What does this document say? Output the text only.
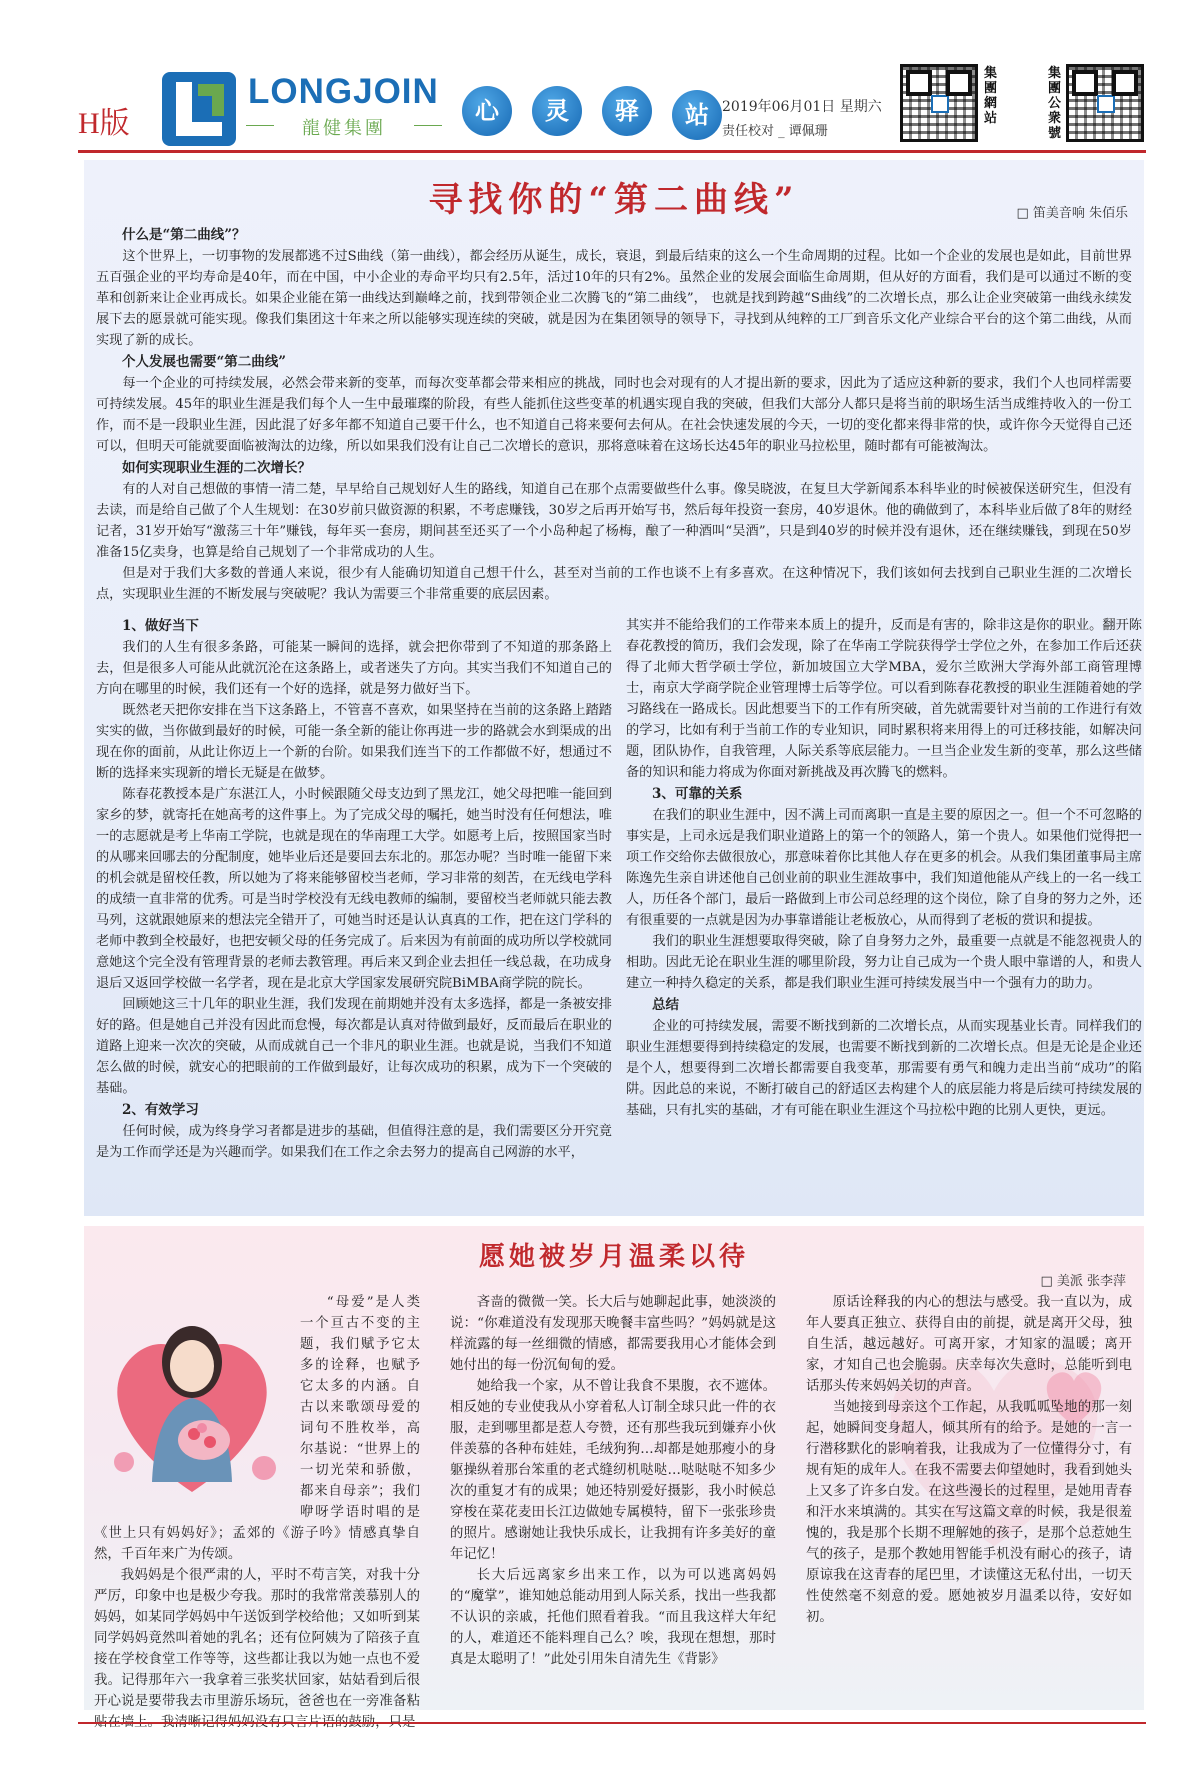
H版
LONGJOIN
龍健集團
心	灵	驿	站 2019年06月01日 星期六
责任校对 _ 谭佩珊
集團網站
集團公衆號
寻找你的“第二曲线”	□ 笛美音响 朱佰乐
什么是“第二曲线”？

这个世界上，一切事物的发展都逃不过S曲线（第一曲线），都会经历从诞生，成长，衰退，到最后结束的这么一个生命周期的过程。比如一个企业的发展也是如此，目前世界五百强企业的平均寿命是40年，而在中国，中小企业的寿命平均只有2.5年，活过10年的只有2%。虽然企业的发展会面临生命周期，但从好的方面看，我们是可以通过不断的变革和创新来让企业再成长。如果企业能在第一曲线达到巅峰之前，找到带领企业二次腾飞的“第二曲线”， 也就是找到跨越“S曲线”的二次增长点，那么让企业突破第一曲线永续发展下去的愿景就可能实现。像我们集团这十年来之所以能够实现连续的突破，就是因为在集团领导的领导下，寻找到从纯粹的工厂到音乐文化产业综合平台的这个第二曲线，从而实现了新的成长。

个人发展也需要“第二曲线”

每一个企业的可持续发展，必然会带来新的变革，而每次变革都会带来相应的挑战，同时也会对现有的人才提出新的要求，因此为了适应这种新的要求，我们个人也同样需要可持续发展。45年的职业生涯是我们每个人一生中最璀璨的阶段，有些人能抓住这些变革的机遇实现自我的突破，但我们大部分人都只是将当前的职场生活当成维持收入的一份工作，而不是一段职业生涯，因此混了好多年都不知道自己要干什么，也不知道自己将来要何去何从。在社会快速发展的今天，一切的变化都来得非常的快，或许你今天觉得自己还可以，但明天可能就要面临被淘汰的边缘，所以如果我们没有让自己二次增长的意识，那将意味着在这场长达45年的职业马拉松里，随时都有可能被淘汰。

如何实现职业生涯的二次增长？

有的人对自己想做的事情一清二楚，早早给自己规划好人生的路线，知道自己在那个点需要做些什么事。像吴晓波，在复旦大学新闻系本科毕业的时候被保送研究生，但没有去读，而是给自己做了个人生规划：在30岁前只做资源的积累，不考虑赚钱，30岁之后再开始写书，然后每年投资一套房，40岁退休。他的确做到了，本科毕业后做了8年的财经记者，31岁开始写“激荡三十年”赚钱，每年买一套房，期间甚至还买了一个小岛种起了杨梅，酿了一种酒叫“吴酒”，只是到40岁的时候并没有退休，还在继续赚钱，到现在50岁准备15亿卖身，也算是给自己规划了一个非常成功的人生。

但是对于我们大多数的普通人来说，很少有人能确切知道自己想干什么，甚至对当前的工作也谈不上有多喜欢。在这种情况下，我们该如何去找到自己职业生涯的二次增长点，实现职业生涯的不断发展与突破呢？我认为需要三个非常重要的底层因素。

1、做好当下

我们的人生有很多条路，可能某一瞬间的选择，就会把你带到了不知道的那条路上去，但是很多人可能从此就沉沦在这条路上，或者迷失了方向。其实当我们不知道自己的方向在哪里的时候，我们还有一个好的选择，就是努力做好当下。

既然老天把你安排在当下这条路上，不管喜不喜欢，如果坚持在当前的这条路上踏踏实实的做，当你做到最好的时候，可能一条全新的能让你再进一步的路就会水到渠成的出现在你的面前，从此让你迈上一个新的台阶。如果我们连当下的工作都做不好，想通过不断的选择来实现新的增长无疑是在做梦。

陈春花教授本是广东湛江人，小时候跟随父母支边到了黑龙江，她父母把唯一能回到家乡的梦，就寄托在她高考的这件事上。为了完成父母的嘱托，她当时没有任何想法，唯一的志愿就是考上华南工学院，也就是现在的华南理工大学。如愿考上后，按照国家当时的从哪来回哪去的分配制度，她毕业后还是要回去东北的。那怎办呢？当时唯一能留下来的机会就是留校任教，所以她为了将来能够留校当老师，学习非常的刻苦，在无线电学科的成绩一直非常的优秀。可是当时学校没有无线电教师的编制，要留校当老师就只能去教马列，这就跟她原来的想法完全错开了，可她当时还是认认真真的工作，把在这门学科的老师中教到全校最好，也把安顿父母的任务完成了。后来因为有前面的成功所以学校就同意她这个完全没有管理背景的老师去教管理。再后来又到企业去担任一线总裁，在功成身退后又返回学校做一名学者，现在是北京大学国家发展研究院BiMBA商学院的院长。

回顾她这三十几年的职业生涯，我们发现在前期她并没有太多选择，都是一条被安排好的路。但是她自己并没有因此而怠慢，每次都是认真对待做到最好，反而最后在职业的道路上迎来一次次的突破，从而成就自己一个非凡的职业生涯。也就是说，当我们不知道怎么做的时候，就安心的把眼前的工作做到最好，让每次成功的积累，成为下一个突破的基础。

2、有效学习

任何时候，成为终身学习者都是进步的基础，但值得注意的是，我们需要区分开究竟是为工作而学还是为兴趣而学。如果我们在工作之余去努力的提高自己网游的水平，

其实并不能给我们的工作带来本质上的提升，反而是有害的，除非这是你的职业。翻开陈春花教授的简历，我们会发现，除了在华南工学院获得学士学位之外，在参加工作后还获得了北师大哲学硕士学位，新加坡国立大学MBA，爱尔兰欧洲大学海外部工商管理博士，南京大学商学院企业管理博士后等学位。可以看到陈春花教授的职业生涯随着她的学习路线在一路成长。因此想要当下的工作有所突破，首先就需要针对当前的工作进行有效的学习，比如有利于当前工作的专业知识，同时累积将来用得上的可迁移技能，如解决问题，团队协作，自我管理，人际关系等底层能力。一旦当企业发生新的变革，那么这些储备的知识和能力将成为你面对新挑战及再次腾飞的燃料。

3、可靠的关系

在我们的职业生涯中，因不满上司而离职一直是主要的原因之一。但一个不可忽略的事实是，上司永远是我们职业道路上的第一个的领路人，第一个贵人。如果他们觉得把一项工作交给你去做很放心，那意味着你比其他人存在更多的机会。从我们集团董事局主席陈逸先生亲自讲述他自己创业前的职业生涯故事中，我们知道他能从产线上的一名一线工人，历任各个部门，最后一路做到上市公司总经理的这个岗位，除了自身的努力之外，还有很重要的一点就是因为办事靠谱能让老板放心，从而得到了老板的赏识和提拔。

我们的职业生涯想要取得突破，除了自身努力之外，最重要一点就是不能忽视贵人的相助。因此无论在职业生涯的哪里阶段，努力让自己成为一个贵人眼中靠谱的人，和贵人建立一种持久稳定的关系，都是我们职业生涯可持续发展当中一个强有力的助力。

总结

企业的可持续发展，需要不断找到新的二次增长点，从而实现基业长青。同样我们的职业生涯想要得到持续稳定的发展，也需要不断找到新的二次增长点。但是无论是企业还是个人，想要得到二次增长都需要自我变革，那需要有勇气和魄力走出当前“成功”的陷阱。因此总的来说，不断打破自己的舒适区去构建个人的底层能力将是后续可持续发展的基础，只有扎实的基础，才有可能在职业生涯这个马拉松中跑的比别人更快，更远。

愿她被岁月温柔以待
□ 美派 张李萍

“母爱”是人类一个亘古不变的主题，我们赋予它太多的诠释，也赋予它太多的内涵。自古以来歌颂母爱的词句不胜枚举，高尔基说：“世界上的一切光荣和骄傲，都来自母亲”；我们咿呀学语时唱的是《世上只有妈妈好》；孟郊的《游子吟》情感真挚自然，千百年来广为传颂。

我妈妈是个很严肃的人，平时不苟言笑，对我十分严厉，印象中也是极少夸我。那时的我常常羡慕别人的妈妈，如某同学妈妈中午送饭到学校给他；又如听到某同学妈妈竟然叫着她的乳名；还有位阿姨为了陪孩子直接在学校食堂工作等等，这些都让我以为她一点也不爱我。记得那年六一我拿着三张奖状回家，姑姑看到后很开心说是要带我去市里游乐场玩，爸爸也在一旁准备粘贴在墙上。我清晰记得妈妈没有只言片语的鼓励，只是

吝啬的微微一笑。长大后与她聊起此事，她淡淡的说：“你难道没有发现那天晚餐丰富些吗？”妈妈就是这样流露的每一丝细微的情感，都需要我用心才能体会到她付出的每一份沉甸甸的爱。

她给我一个家，从不曾让我食不果腹，衣不遮体。相反她的专业使我从小穿着私人订制全球只此一件的衣服，走到哪里都是惹人夸赞，还有那些我玩到嫌弃小伙伴羡慕的各种布娃娃，毛绒狗狗…却都是她那瘦小的身躯操纵着那台笨重的老式缝纫机哒哒…哒哒哒不知多少次的重复才有的成果；她还特别爱好摄影，我小时候总穿梭在菜花麦田长江边做她专属模特，留下一张张珍贵的照片。感谢她让我快乐成长，让我拥有许多美好的童年记忆！

长大后远离家乡出来工作，以为可以逃离妈妈的“魔掌”，谁知她总能动用到人际关系，找出一些我都不认识的亲戚，托他们照看着我。“而且我这样大年纪的人，难道还不能料理自己么？唉，我现在想想，那时真是太聪明了！”此处引用朱自清先生《背影》

原话诠释我的内心的想法与感受。我一直以为，成年人要真正独立、获得自由的前提，就是离开父母，独自生活，越远越好。可离开家，才知家的温暖；离开家，才知自己也会脆弱。庆幸每次失意时，总能听到电话那头传来妈妈关切的声音。

当她接到母亲这个工作起，从我呱呱坠地的那一刻起，她瞬间变身超人，倾其所有的给予。是她的一言一行潜移默化的影响着我，让我成为了一位懂得分寸，有规有矩的成年人。在我不需要去仰望她时，我看到她头上又多了许多白发。在这些漫长的过程里，是她用青春和汗水来填满的。其实在写这篇文章的时候，我是很羞愧的，我是那个长期不理解她的孩子，是那个总惹她生气的孩子，是那个教她用智能手机没有耐心的孩子，请原谅我在这青春的尾巴里，才读懂这无私付出，一切天性使然毫不刻意的爱。愿她被岁月温柔以待，安好如初。
